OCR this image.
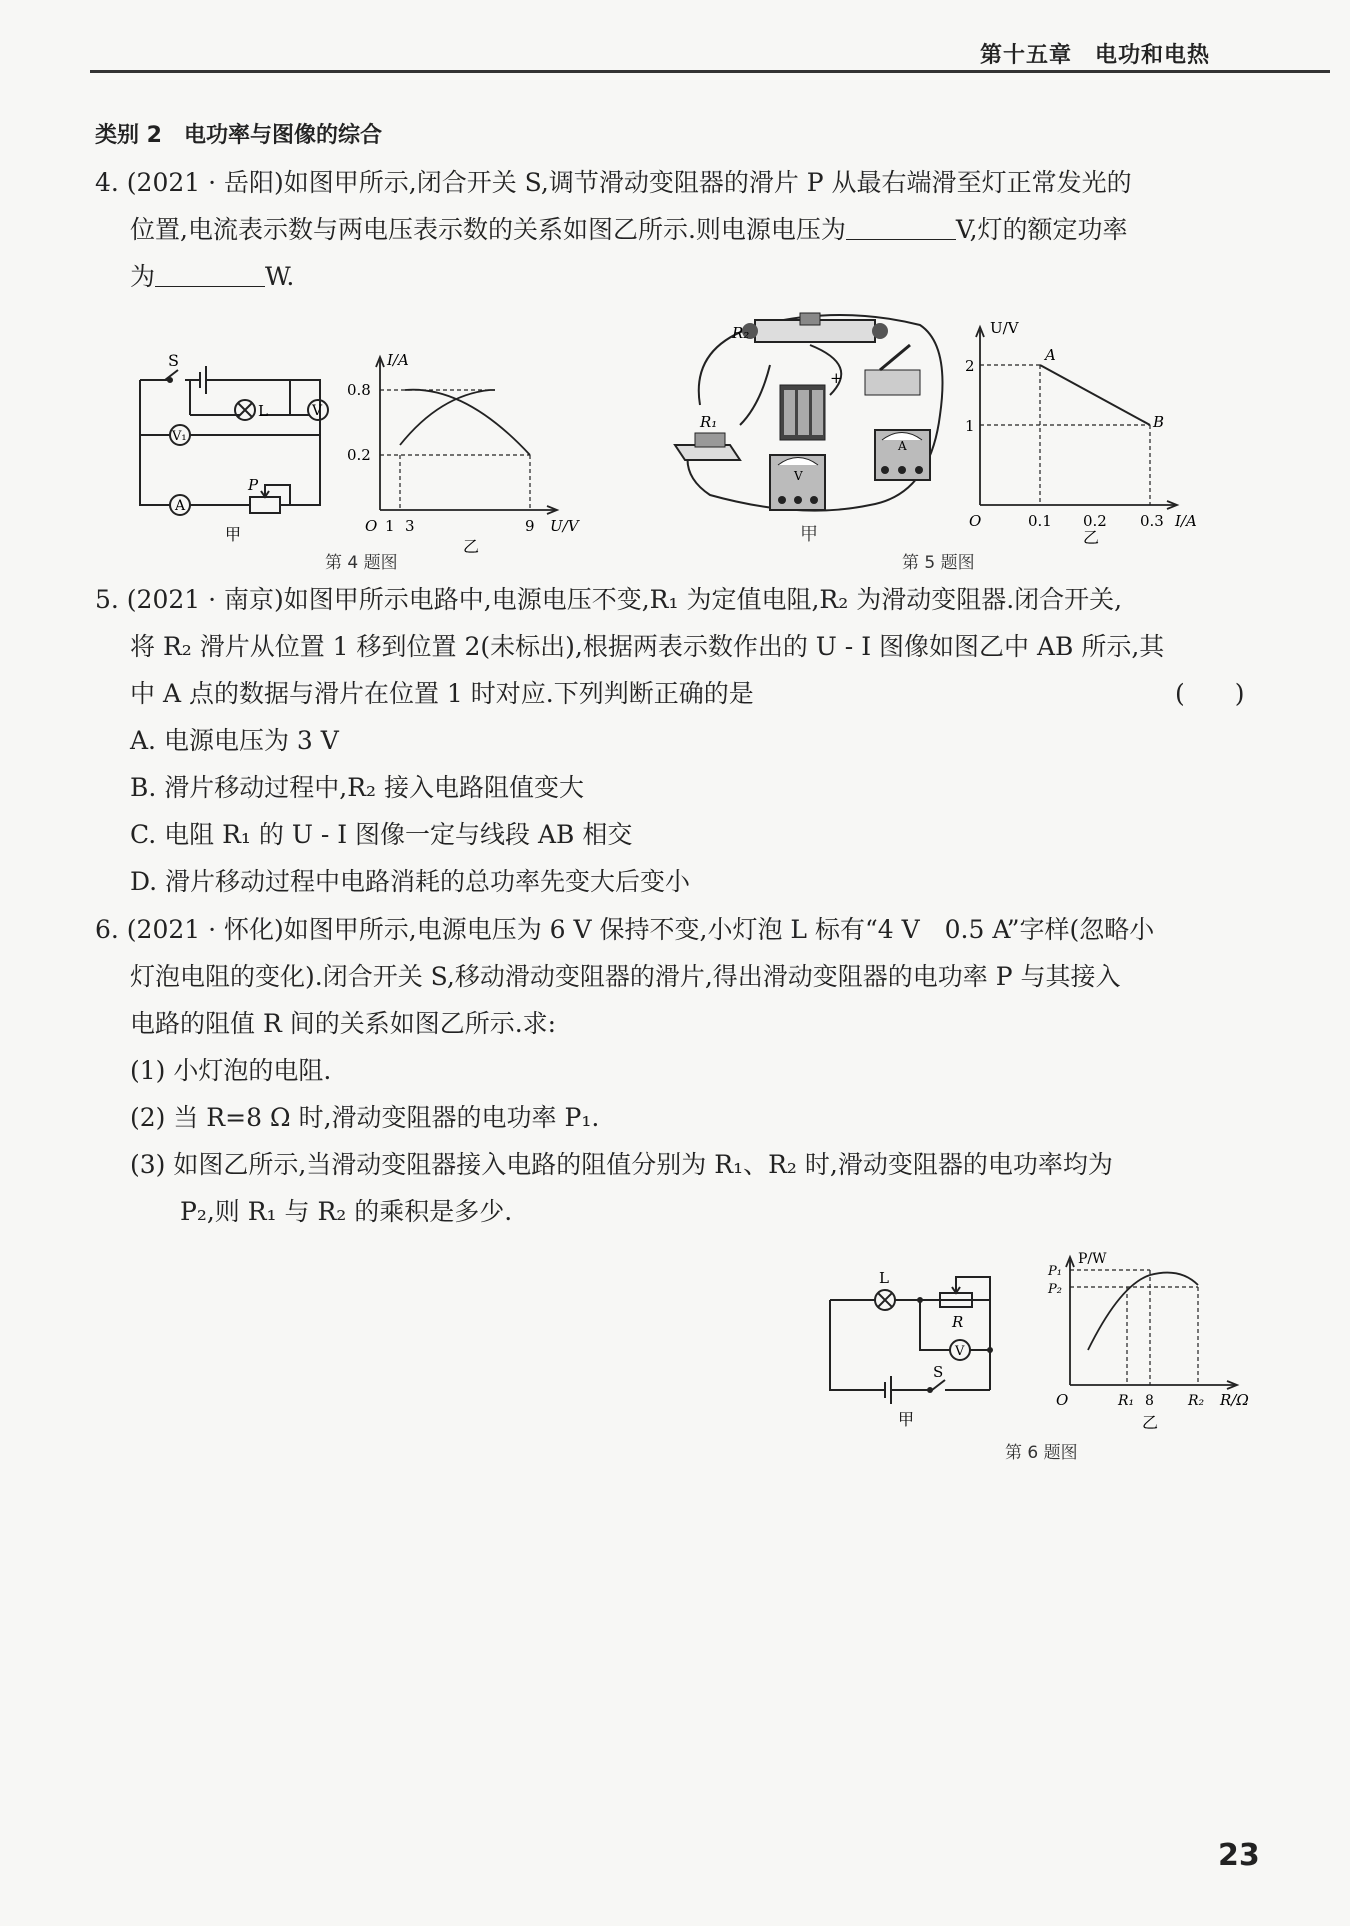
第十五章　电功和电热
类别 2　电功率与图像的综合
4. (2021 · 岳阳)如图甲所示,闭合开关 S,调节滑动变阻器的滑片 P 从最右端滑至灯正常发光的
位置,电流表示数与两电压表示数的关系如图乙所示.则电源电压为	V,灯的额定功率
为	W.
S
L	V
V₁
A
P
甲
I/A
0.8
0.2
O 1 3	9 U/V
乙
第 4 题图
R₂
R₁
+
V
A
甲
U/V
2
1
A
B
O	0.1 0.2 0.3 I/A
乙
第 5 题图
5. (2021 · 南京)如图甲所示电路中,电源电压不变,R₁ 为定值电阻,R₂ 为滑动变阻器.闭合开关,
将 R₂ 滑片从位置 1 移到位置 2(未标出),根据两表示数作出的 U - I 图像如图乙中 AB 所示,其
中 A 点的数据与滑片在位置 1 时对应.下列判断正确的是	(　　)
A. 电源电压为 3 V
B. 滑片移动过程中,R₂ 接入电路阻值变大
C. 电阻 R₁ 的 U - I 图像一定与线段 AB 相交
D. 滑片移动过程中电路消耗的总功率先变大后变小
6. (2021 · 怀化)如图甲所示,电源电压为 6 V 保持不变,小灯泡 L 标有“4 V　0.5 A”字样(忽略小
灯泡电阻的变化).闭合开关 S,移动滑动变阻器的滑片,得出滑动变阻器的电功率 P 与其接入
电路的阻值 R 间的关系如图乙所示.求:
(1) 小灯泡的电阻.
(2) 当 R=8 Ω 时,滑动变阻器的电功率 P₁.
(3) 如图乙所示,当滑动变阻器接入电路的阻值分别为 R₁、R₂ 时,滑动变阻器的电功率均为
P₂,则 R₁ 与 R₂ 的乘积是多少.
L
R
V
S
甲
P/W
P₁
P₂
O	R₁ 8 R₂ R/Ω
乙
第 6 题图
23
